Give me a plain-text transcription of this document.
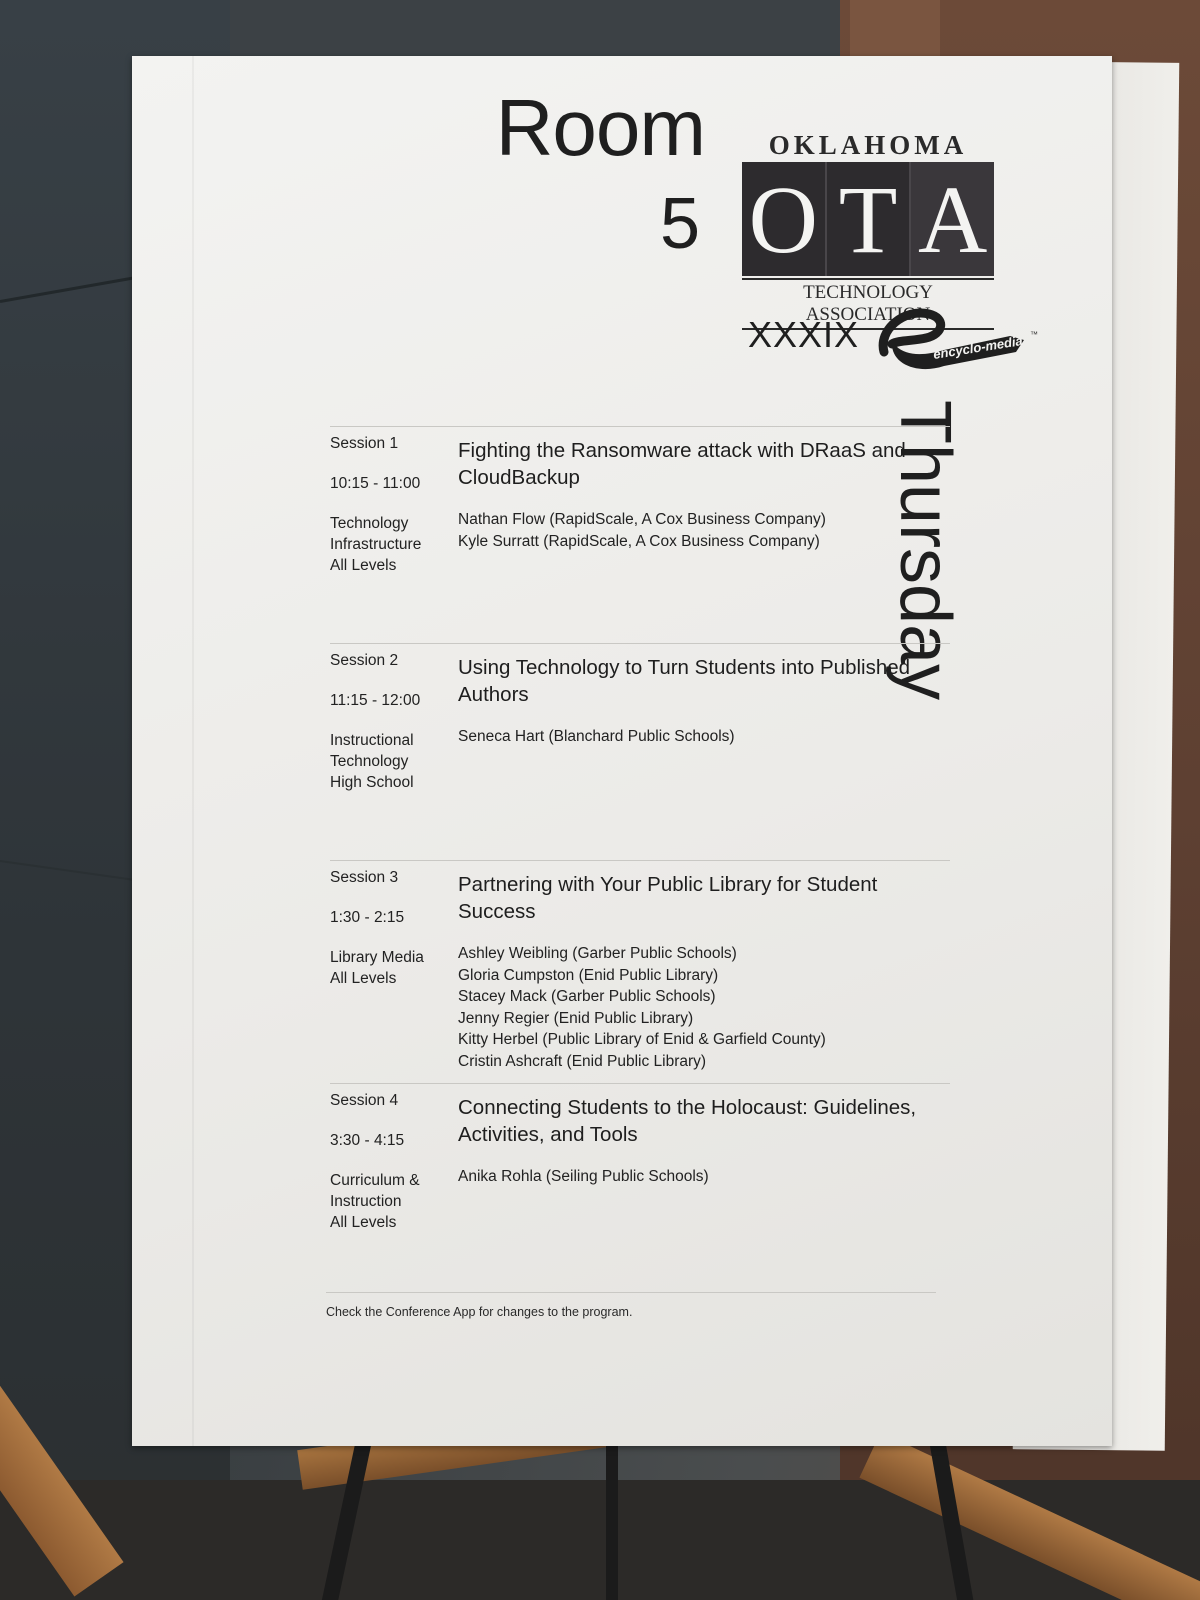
Room
5
OKLAHOMA
O T A
TECHNOLOGY ASSOCIATION
XXXIX	encyclo-media ™
Thursday
Session 1
10:15 - 11:00
Technology
Infrastructure
All Levels
Fighting the Ransomware attack with DRaaS and CloudBackup
Nathan Flow (RapidScale, A Cox Business Company)
Kyle Surratt (RapidScale, A Cox Business Company)
Session 2
11:15 - 12:00
Instructional
Technology
High School
Using Technology to Turn Students into Published Authors
Seneca Hart (Blanchard Public Schools)
Session 3
1:30 - 2:15
Library Media
All Levels
Partnering with Your Public Library for Student Success
Ashley Weibling (Garber Public Schools)
Gloria Cumpston (Enid Public Library)
Stacey Mack (Garber Public Schools)
Jenny Regier (Enid Public Library)
Kitty Herbel (Public Library of Enid & Garfield County)
Cristin Ashcraft (Enid Public Library)
Session 4
3:30 - 4:15
Curriculum &
Instruction
All Levels
Connecting Students to the Holocaust: Guidelines, Activities, and Tools
Anika Rohla (Seiling Public Schools)
Check the Conference App for changes to the program.
